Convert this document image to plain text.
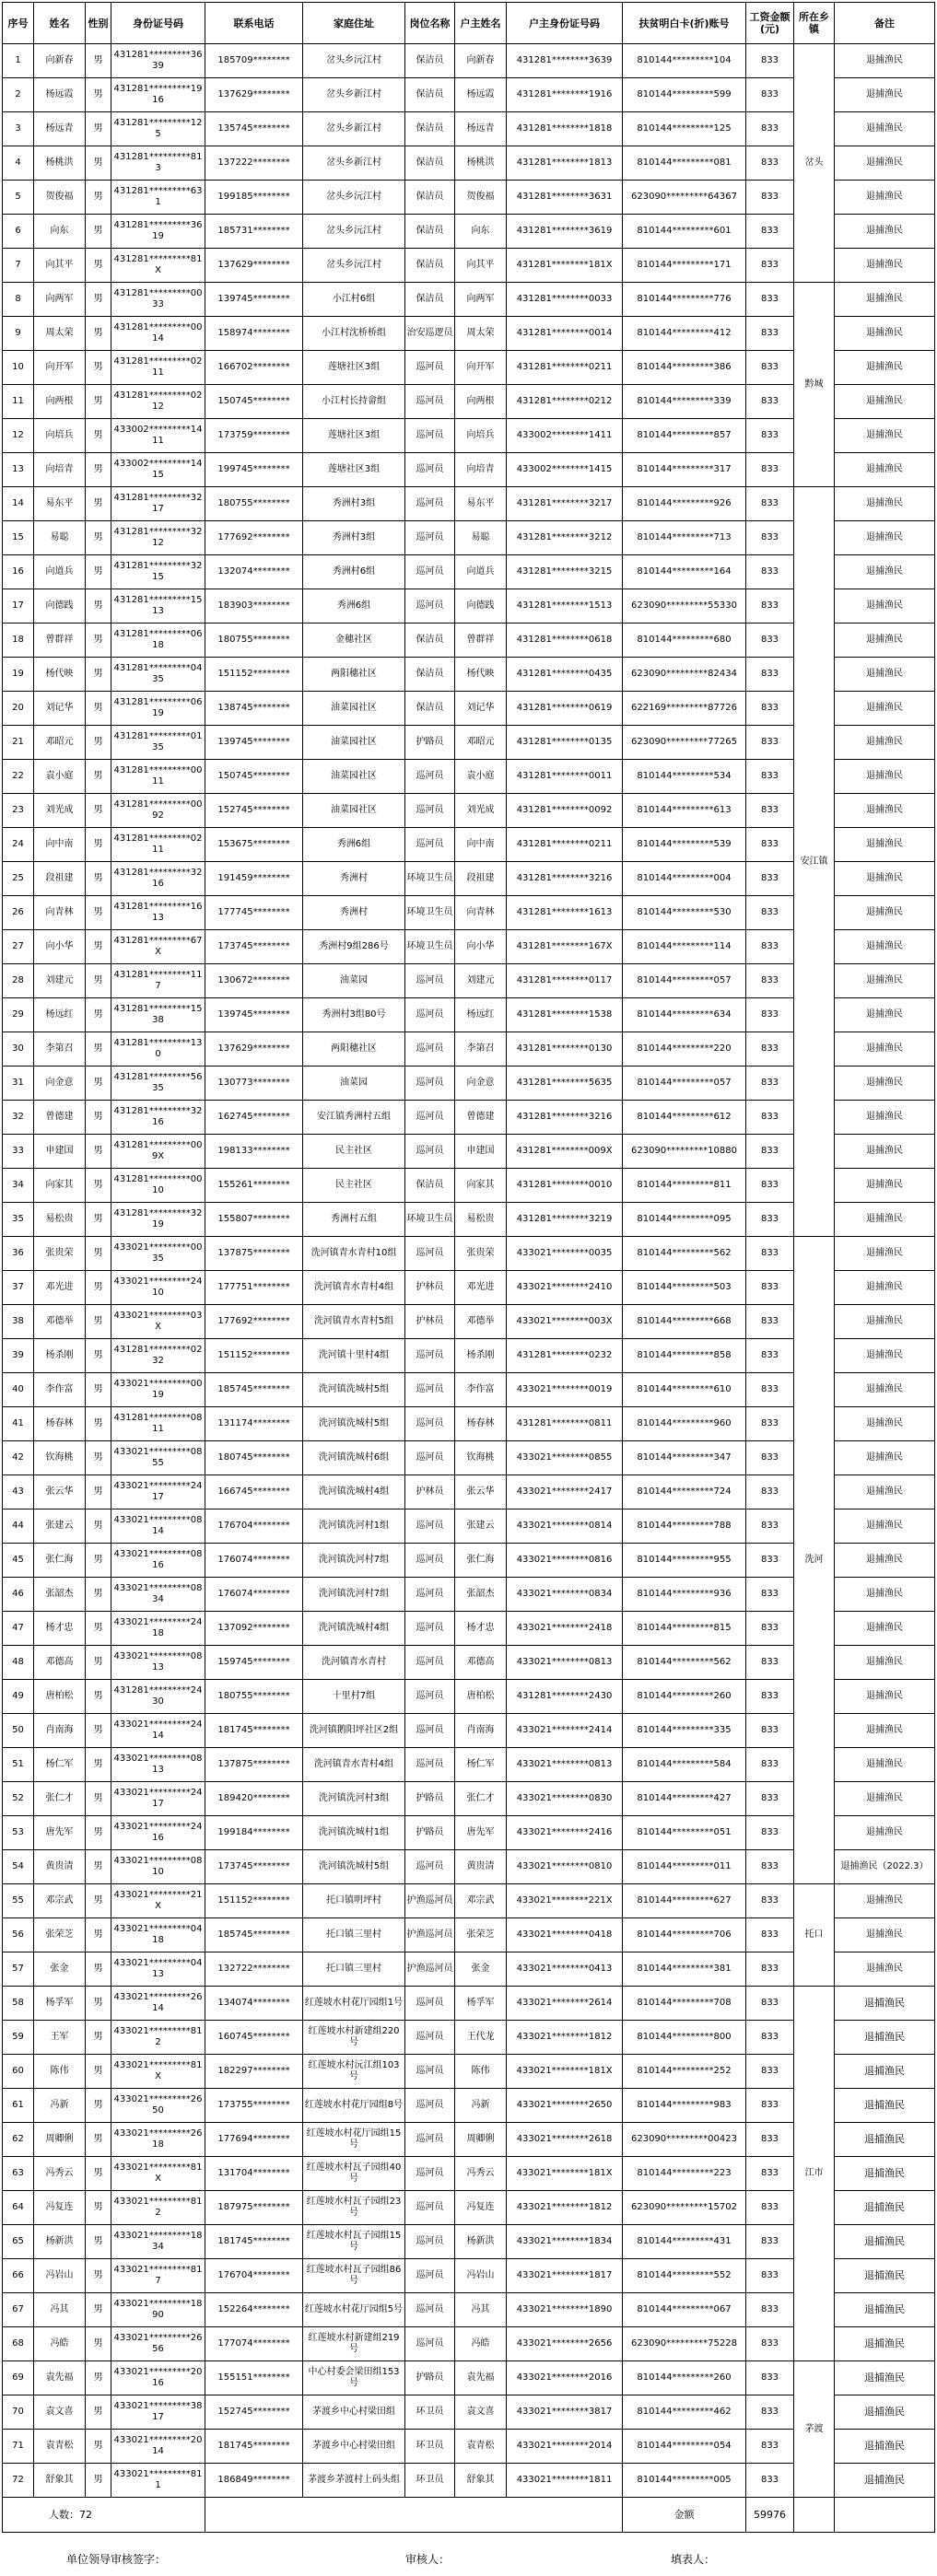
序号	姓名	性别	身份证号码	联系电话	家庭住址	岗位名称	户主姓名	户主身份证号码	扶贫明白卡(折)账号	工资金额(元)	所在乡镇	备注
1	向新春	男	431281*********3639	185709********	岔头乡沅江村	保洁员	向新春	431281********3639	810144*********104	833	岔头	退捕渔民
2	杨远霞	男	431281*********1916	137629********	岔头乡新江村	保洁员	杨远霞	431281********1916	810144*********599	833		退捕渔民
3	杨远青	男	431281*********125	135745********	岔头乡新江村	保洁员	杨远青	431281********1818	810144*********125	833		退捕渔民
4	杨桃洪	男	431281*********813	137222********	岔头乡新江村	保洁员	杨桃洪	431281********1813	810144*********081	833		退捕渔民
5	贺俊福	男	431281*********631	199185********	岔头乡沅江村	保洁员	贺俊福	431281********3631	623090*********64367	833		退捕渔民
6	向东	男	431281*********3619	185731********	岔头乡沅江村	保洁员	向东	431281********3619	810144*********601	833		退捕渔民
7	向其平	男	431281*********81X	137629********	岔头乡沅江村	保洁员	向其平	431281********181X	810144*********171	833		退捕渔民
8	向两军	男	431281*********0033	139745********	小江村6组	保洁员	向两军	431281********0033	810144*********776	833	黔城	退捕渔民
9	周太荣	男	431281*********0014	158974********	小江村沈桥桥组	治安巡逻员	周太荣	431281********0014	810144*********412	833		退捕渔民
10	向开军	男	431281*********0211	166702********	莲塘社区3组	巡河员	向开军	431281********0211	810144*********386	833		退捕渔民
11	向两根	男	431281*********0212	150745********	小江村长持畲组	巡河员	向两根	431281********0212	810144*********339	833		退捕渔民
12	向培兵	男	433002*********1411	173759********	莲塘社区3组	巡河员	向培兵	433002********1411	810144*********857	833		退捕渔民
13	向培青	男	433002*********1415	199745********	莲塘社区3组	巡河员	向培青	433002********1415	810144*********317	833		退捕渔民
14	易东平	男	431281*********3217	180755********	秀洲村3组	巡河员	易东平	431281********3217	810144*********926	833	安江镇	退捕渔民
15	易聪	男	431281*********3212	177692********	秀洲村3组	巡河员	易聪	431281********3212	810144*********713	833		退捕渔民
16	向道兵	男	431281*********3215	132074********	秀洲村6组	巡河员	向道兵	431281********3215	810144*********164	833		退捕渔民
17	向德践	男	431281*********1513	183903********	秀洲6组	巡河员	向德践	431281********1513	623090*********55330	833		退捕渔民
18	曾群祥	男	431281*********0618	180755********	金穗社区	保洁员	曾群祥	431281********0618	810144*********680	833		退捕渔民
19	杨代映	男	431281*********0435	151152********	两阳穗社区	保洁员	杨代映	431281********0435	623090*********82434	833		退捕渔民
20	刘记华	男	431281*********0619	138745********	油菜园社区	保洁员	刘记华	431281********0619	622169*********87726	833		退捕渔民
21	邓昭元	男	431281*********0135	139745********	油菜园社区	护路员	邓昭元	431281********0135	623090*********77265	833		退捕渔民
22	袁小庭	男	431281*********0011	150745********	油菜园社区	巡河员	袁小庭	431281********0011	810144*********534	833		退捕渔民
23	刘光成	男	431281*********0092	152745********	油菜园社区	巡河员	刘光成	431281********0092	810144*********613	833		退捕渔民
24	向中南	男	431281*********0211	153675********	秀洲6组	巡河员	向中南	431281********0211	810144*********539	833		退捕渔民
25	段祖建	男	431281*********3216	191459********	秀洲村	环境卫生员	段祖建	431281********3216	810144*********004	833		退捕渔民
26	向青林	男	431281*********1613	177745********	秀洲村	环境卫生员	向青林	431281********1613	810144*********530	833		退捕渔民
27	向小华	男	431281*********67X	173745********	秀洲村9组286号	环境卫生员	向小华	431281********167X	810144*********114	833		退捕渔民
28	刘建元	男	431281*********117	130672********	油菜园	巡河员	刘建元	431281********0117	810144*********057	833		退捕渔民
29	杨远红	男	431281*********1538	139745********	秀洲村3组80号	巡河员	杨远红	431281********1538	810144*********634	833		退捕渔民
30	李第召	男	431281*********130	137629********	两阳穗社区	巡河员	李第召	431281********0130	810144*********220	833		退捕渔民
31	向金意	男	431281*********5635	130773********	油菜园	巡河员	向金意	431281********5635	810144*********057	833		退捕渔民
32	曾德建	男	431281*********3216	162745********	安江镇秀洲村五组	巡河员	曾德建	431281********3216	810144*********612	833		退捕渔民
33	申建国	男	431281*********009X	198133********	民主社区	巡河员	申建国	431281********009X	623090*********10880	833		退捕渔民
34	向家其	男	431281*********0010	155261********	民主社区	保洁员	向家其	431281********0010	810144*********811	833		退捕渔民
35	易松贵	男	431281*********3219	155807********	秀洲村五组	环境卫生员	易松贵	431281********3219	810144*********095	833		退捕渔民
36	张贵荣	男	433021*********0035	137875********	洗河镇青水青村10组	巡河员	张贵荣	433021********0035	810144*********562	833	洗河	退捕渔民
37	邓光进	男	433021*********2410	177751********	洗河镇青水青村4组	护林员	邓光进	433021********2410	810144*********503	833		退捕渔民
38	邓德举	男	433021*********03X	177692********	洗河镇青水青村5组	护林员	邓德举	433021********003X	810144*********668	833		退捕渔民
39	杨杀刚	男	431281*********0232	151152********	洗河镇十里村4组	巡河员	杨杀刚	431281********0232	810144*********858	833		退捕渔民
40	李作富	男	433021*********0019	185745********	洗河镇洗城村5组	巡河员	李作富	433021********0019	810144*********610	833		退捕渔民
41	杨春林	男	431281*********0811	131174********	洗河镇洗城村5组	巡河员	杨春林	431281********0811	810144*********960	833		退捕渔民
42	钦海桃	男	433021*********0855	180745********	洗河镇洗城村6组	巡河员	钦海桃	433021********0855	810144*********347	833		退捕渔民
43	张云华	男	433021*********2417	166745********	洗河镇洗城村4组	护林员	张云华	433021********2417	810144*********724	833		退捕渔民
44	张建云	男	433021*********0814	176704********	洗河镇洗河村1组	巡河员	张建云	433021********0814	810144*********788	833		退捕渔民
45	张仁海	男	433021*********0816	176074********	洗河镇洗河村7组	巡河员	张仁海	433021********0816	810144*********955	833		退捕渔民
46	张韶杰	男	433021*********0834	176074********	洗河镇洗河村7组	巡河员	张韶杰	433021********0834	810144*********936	833		退捕渔民
47	杨才忠	男	433021*********2418	137092********	洗河镇洗城村4组	巡河员	杨才忠	433021********2418	810144*********815	833		退捕渔民
48	邓德高	男	433021*********0813	159745********	洗河镇青水青村	巡河员	邓德高	433021********0813	810144*********562	833		退捕渔民
49	唐柏松	男	431281*********2430	180755********	十里村7组	巡河员	唐柏松	431281********2430	810144*********260	833		退捕渔民
50	肖南海	男	433021*********2414	181745********	洗河镇鹅阳坪社区2组	巡河员	肖南海	433021********2414	810144*********335	833		退捕渔民
51	杨仁军	男	433021*********0813	137875********	洗河镇青水青村4组	巡河员	杨仁军	433021********0813	810144*********584	833		退捕渔民
52	张仁才	男	433021*********2417	189420********	洗河镇洗河村3组	护路员	张仁才	433021********0830	810144*********427	833		退捕渔民
53	唐先军	男	433021*********2416	199184********	洗河镇洗城村1组	护路员	唐先军	433021********2416	810144*********051	833		退捕渔民
54	黄贵清	男	433021*********0810	173745********	洗河镇洗城村5组	巡河员	黄贵清	433021********0810	810144*********011	833		退捕渔民（2022.3）
55	邓宗武	男	433021*********21X	151152********	托口镇明坪村	护渔巡河员	邓宗武	433021********221X	810144*********627	833	托口	退捕渔民
56	张荣芝	男	433021*********0418	185745********	托口镇三里村	护渔巡河员	张荣芝	433021********0418	810144*********706	833		退捕渔民
57	张金	男	433021*********0413	132722********	托口镇三里村	护渔巡河员	张金	433021********0413	810144*********381	833		退捕渔民
58	杨孚军	男	433021*********2614	134074********	红莲坡水村花厅园组1号	巡河员	杨孚军	433021********2614	810144*********708	833	江市	退捕渔民
59	王军	男	433021*********812	160745********	红莲坡水村新建组220号	巡河员	王代龙	433021********1812	810144*********800	833		退捕渔民
60	陈伟	男	433021*********81X	182297********	红莲坡水村沅江组103号	巡河员	陈伟	433021********181X	810144*********252	833		退捕渔民
61	冯新	男	433021*********2650	173755********	红莲坡水村花厅园组8号	巡河员	冯新	433021********2650	810144*********983	833		退捕渔民
62	周卿俐	男	433021*********2618	177694********	红莲坡水村花厅园组15号	巡河员	周卿俐	433021********2618	623090*********00423	833		退捕渔民
63	冯秀云	男	433021*********81X	131704********	红莲坡水村瓦子园组40号	巡河员	冯秀云	433021********181X	810144*********223	833		退捕渔民
64	冯复连	男	433021*********812	187975********	红莲坡水村瓦子园组23号	巡河员	冯复连	433021********1812	623090*********15702	833		退捕渔民
65	杨新洪	男	433021*********1834	181745********	红莲坡水村瓦子园组15号	巡河员	杨新洪	433021********1834	810144*********431	833		退捕渔民
66	冯岩山	男	433021*********817	176704********	红莲坡水村瓦子园组86号	巡河员	冯岩山	433021********1817	810144*********552	833		退捕渔民
67	冯其	男	433021*********1890	152264********	红莲坡水村花厅园组5号	巡河员	冯其	433021********1890	810144*********067	833		退捕渔民
68	冯皓	男	433021*********2656	177074********	红莲坡水村新建组219号	巡河员	冯皓	433021********2656	623090*********75228	833		退捕渔民
69	袁先福	男	433021*********2016	155151********	中心村委会梁田组153号	护路员	袁先福	433021********2016	810144*********260	833	茅渡	退捕渔民
70	袁文喜	男	433021*********3817	152745********	茅渡乡中心村梁田组	环卫员	袁文喜	433021********3817	810144*********462	833		退捕渔民
71	袁青松	男	433021*********2014	181745********	茅渡乡中心村梁田组	环卫员	袁青松	433021********2014	810144*********054	833		退捕渔民
72	舒象其	男	433021*********811	186849********	茅渡乡茅渡村上码头组	环卫员	舒象其	433021********1811	810144*********005	833		退捕渔民
人数：72									金额	59976		
单位领导审核签字：	审核人：	填表人：
